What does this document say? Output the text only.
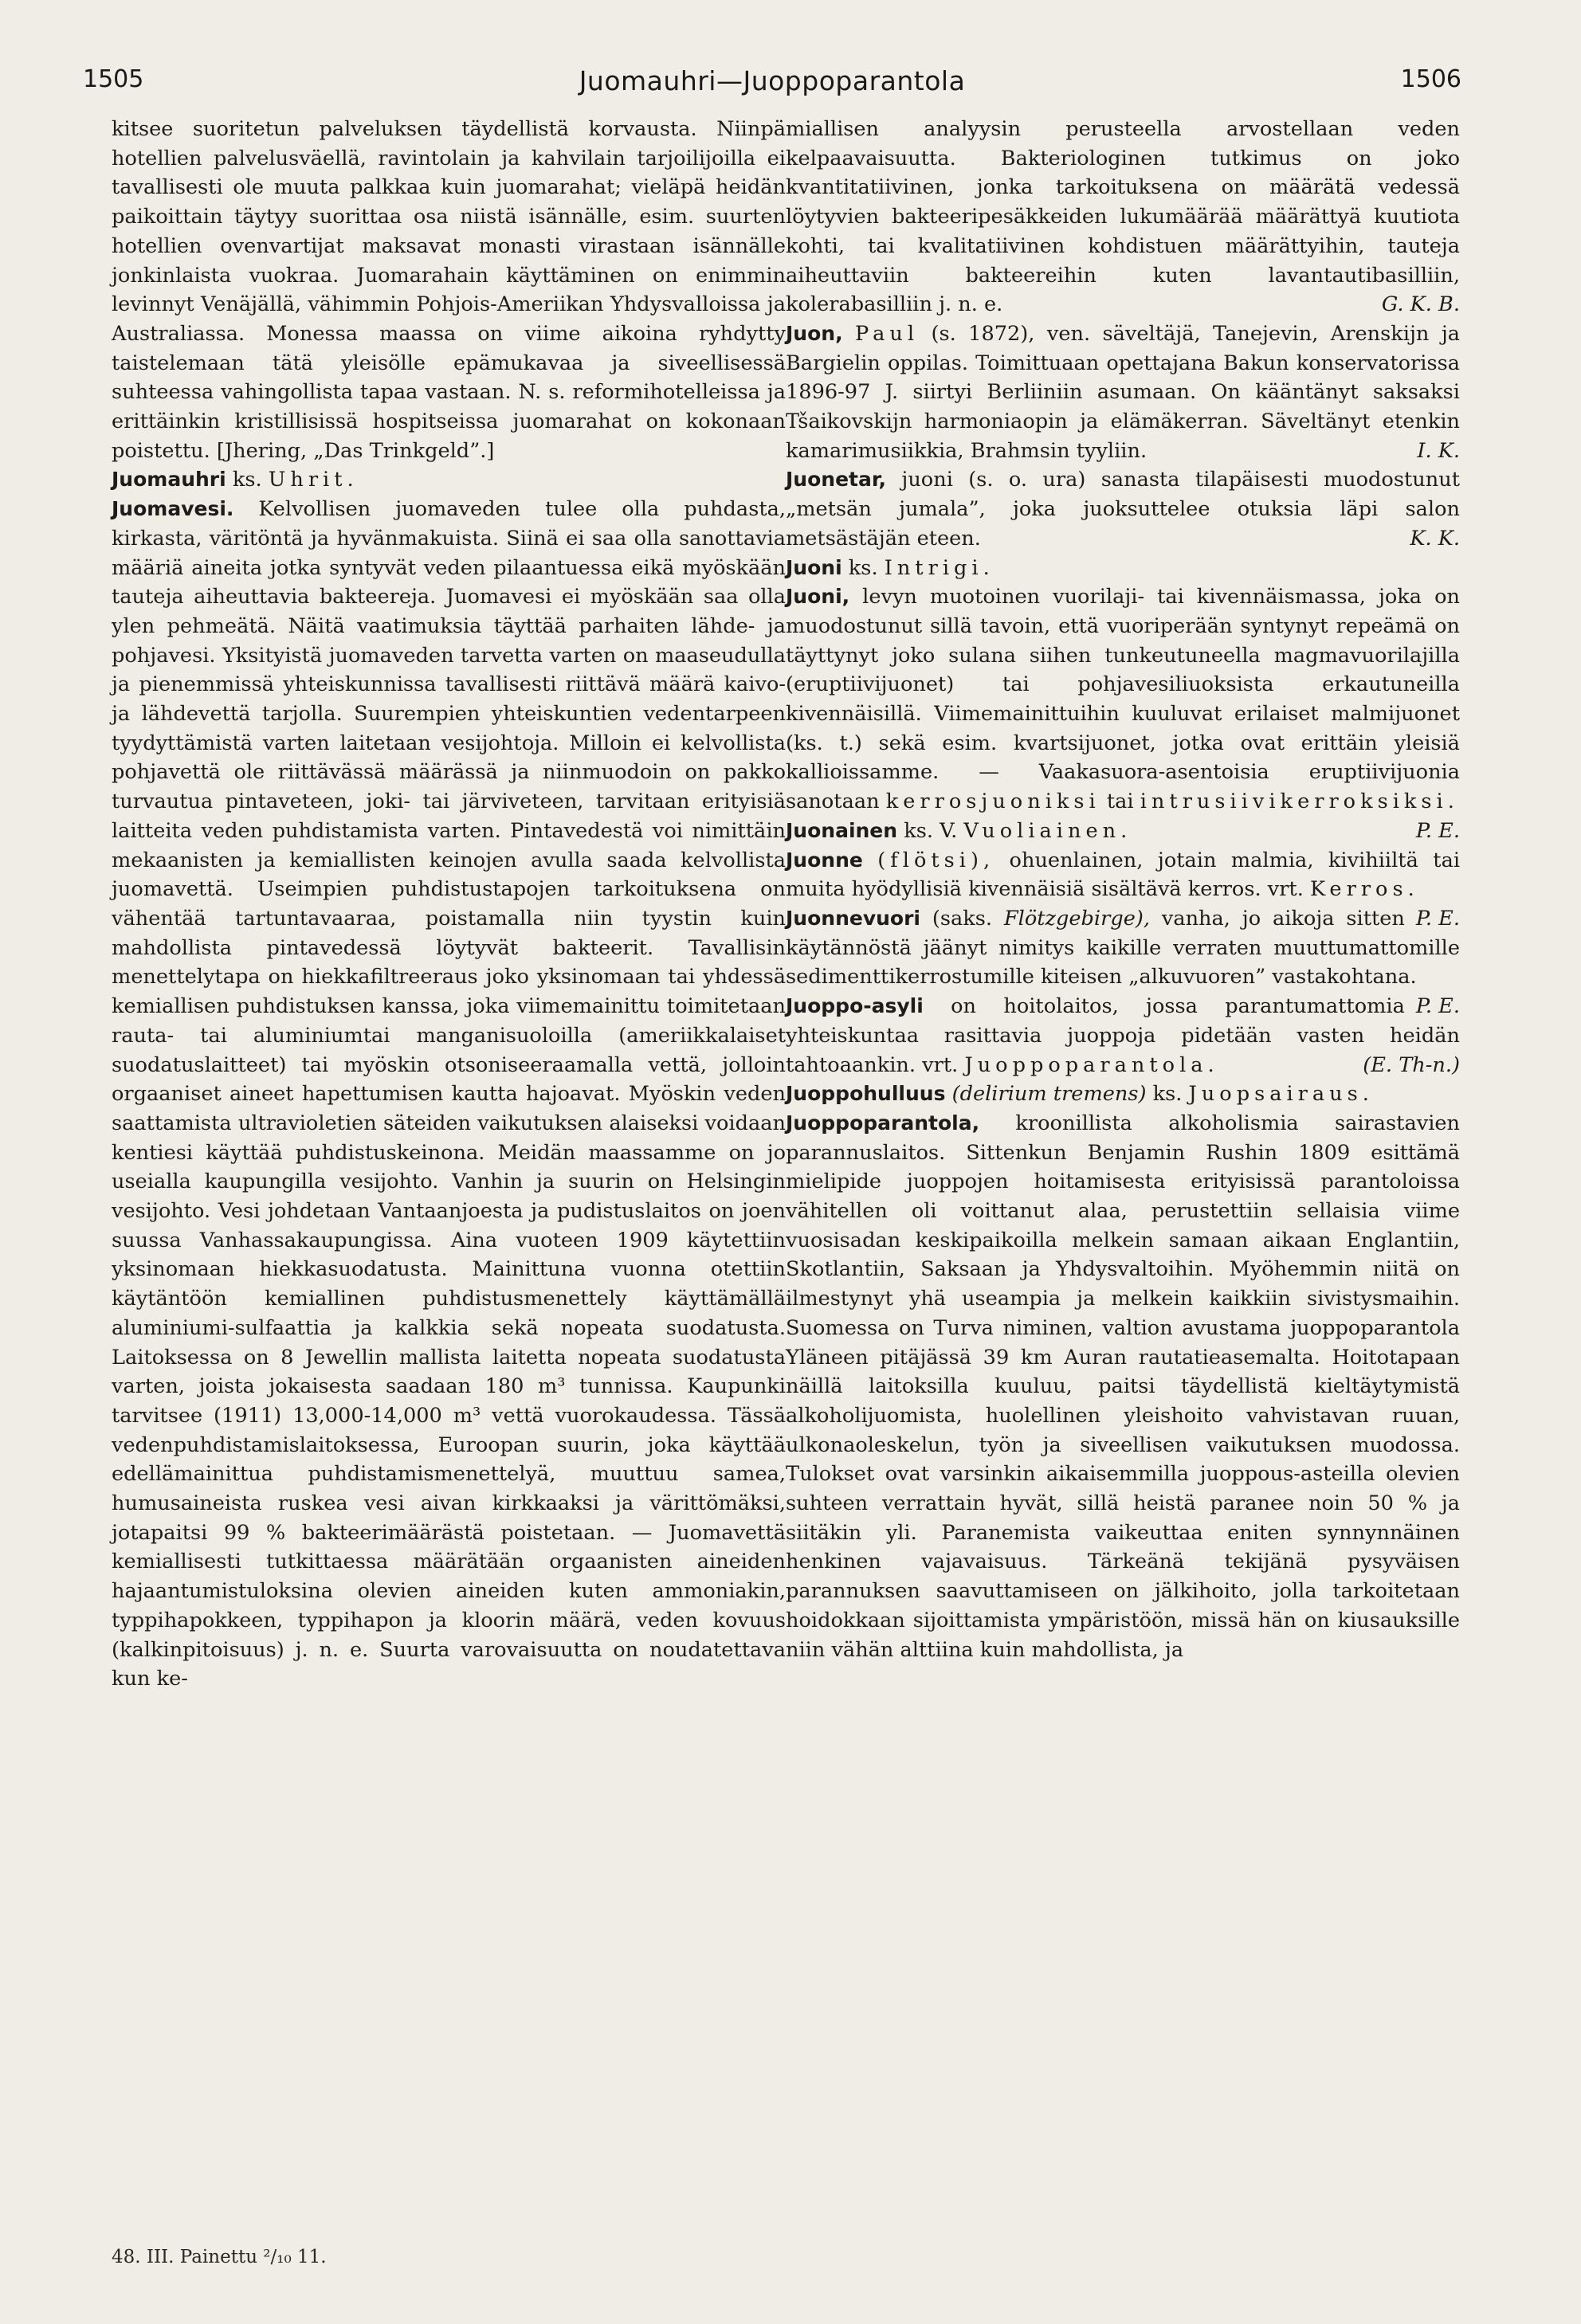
1505	Juomauhri—Juoppoparantola	1506

kitsee suoritetun palveluksen täydellistä korvausta. Niinpä hotellien palvelusväellä, ravintolain ja kahvilain tarjoilijoilla ei tavallisesti ole muuta palkkaa kuin juomarahat; vieläpä heidän paikoittain täytyy suorittaa osa niistä isännälle, esim. suurten hotellien ovenvartijat maksavat monasti virastaan isännälle jonkinlaista vuokraa. Juomarahain käyttäminen on enimmin levinnyt Venäjällä, vähimmin Pohjois-Ameriikan Yhdysvalloissa ja Australiassa. Monessa maassa on viime aikoina ryhdytty taistelemaan tätä yleisölle epämukavaa ja siveellisessä suhteessa vahingollista tapaa vastaan. N. s. reformihotelleissa ja erittäinkin kristillisissä hospitseissa juomarahat on kokonaan poistettu. [Jhering, „Das Trinkgeld”.]

Juomauhri ks. Uhrit.

Juomavesi. Kelvollisen juomaveden tulee olla puhdasta, kirkasta, väritöntä ja hyvänmakuista. Siinä ei saa olla sanottavia määriä aineita jotka syntyvät veden pilaantuessa eikä myöskään tauteja aiheuttavia bakteereja. Juomavesi ei myöskään saa olla ylen pehmeätä. Näitä vaatimuksia täyttää parhaiten lähde- ja pohjavesi. Yksityistä juomaveden tarvetta varten on maaseudulla ja pienemmissä yhteiskunnissa tavallisesti riittävä määrä kaivo- ja lähdevettä tarjolla. Suurempien yhteiskuntien vedentarpeen tyydyttämistä varten laitetaan vesijohtoja. Milloin ei kelvollista pohjavettä ole riittävässä määrässä ja niinmuodoin on pakko turvautua pintaveteen, joki- tai järviveteen, tarvitaan erityisiä laitteita veden puhdistamista varten. Pintavedestä voi nimittäin mekaanisten ja kemiallisten keinojen avulla saada kelvollista juomavettä. Useimpien puhdistustapojen tarkoituksena on vähentää tartuntavaaraa, poistamalla niin tyystin kuin mahdollista pintavedessä löytyvät bakteerit. Tavallisin menettelytapa on hiekkafiltreeraus joko yksinomaan tai yhdessä kemiallisen puhdistuksen kanssa, joka viimemainittu toimitetaan rauta- tai aluminiumtai manganisuoloilla (ameriikkalaiset suodatuslaitteet) tai myöskin otsoniseeraamalla vettä, jolloin orgaaniset aineet hapettumisen kautta hajoavat. Myöskin veden saattamista ultravioletien säteiden vaikutuksen alaiseksi voidaan kentiesi käyttää puhdistuskeinona. Meidän maassamme on jo useialla kaupungilla vesijohto. Vanhin ja suurin on Helsingin vesijohto. Vesi johdetaan Vantaanjoesta ja pudistuslaitos on joen suussa Vanhassakaupungissa. Aina vuoteen 1909 käytettiin yksinomaan hiekkasuodatusta. Mainittuna vuonna otettiin käytäntöön kemiallinen puhdistusmenettely käyttämällä aluminiumi-sulfaattia ja kalkkia sekä nopeata suodatusta. Laitoksessa on 8 Jewellin mallista laitetta nopeata suodatusta varten, joista jokaisesta saadaan 180 m³ tunnissa. Kaupunki tarvitsee (1911) 13,000-14,000 m³ vettä vuorokaudessa. Tässä vedenpuhdistamislaitoksessa, Euroopan suurin, joka käyttää edellämainittua puhdistamismenettelyä, muuttuu samea, humusaineista ruskea vesi aivan kirkkaaksi ja värittömäksi, jotapaitsi 99 % bakteerimäärästä poistetaan. — Juomavettä kemiallisesti tutkittaessa määrätään orgaanisten aineiden hajaantumistuloksina olevien aineiden kuten ammoniakin, typpihapokkeen, typpihapon ja kloorin määrä, veden kovuus (kalkinpitoisuus) j. n. e. Suurta varovaisuutta on noudatettava kun ke-

miallisen analyysin perusteella arvostellaan veden kelpaavaisuutta. Bakteriologinen tutkimus on joko kvantitatiivinen, jonka tarkoituksena on määrätä vedessä löytyvien bakteeripesäkkeiden lukumäärää määrättyä kuutiota kohti, tai kvalitatiivinen kohdistuen määrättyihin, tauteja aiheuttaviin bakteereihin kuten lavantautibasilliin, kolerabasilliin j. n. e.	G. K. B.

Juon, Paul (s. 1872), ven. säveltäjä, Tanejevin, Arenskijn ja Bargielin oppilas. Toimittuaan opettajana Bakun konservatorissa 1896-97 J. siirtyi Berliiniin asumaan. On kääntänyt saksaksi Tšaikovskijn harmoniaopin ja elämäkerran. Säveltänyt etenkin kamarimusiikkia, Brahmsin tyyliin.	I. K.

Juonetar, juoni (s. o. ura) sanasta tilapäisesti muodostunut „metsän jumala”, joka juoksuttelee otuksia läpi salon metsästäjän eteen.	K. K.

Juoni ks. Intrigi.

Juoni, levyn muotoinen vuorilaji- tai kivennäismassa, joka on muodostunut sillä tavoin, että vuoriperään syntynyt repeämä on täyttynyt joko sulana siihen tunkeutuneella magmavuorilajilla (eruptiivijuonet) tai pohjavesiliuoksista erkautuneilla kivennäisillä. Viimemainittuihin kuuluvat erilaiset malmijuonet (ks. t.) sekä esim. kvartsijuonet, jotka ovat erittäin yleisiä kallioissamme. — Vaakasuora-asentoisia eruptiivijuonia sanotaan kerrosjuoniksi tai intrusiivikerroksiksi.
P. E.

Juonainen ks. V. Vuoliainen.

Juonne (flötsi), ohuenlainen, jotain malmia, kivihiiltä tai muita hyödyllisiä kivennäisiä sisältävä kerros. vrt. Kerros.
P. E.

Juonnevuori (saks. Flötzgebirge), vanha, jo aikoja sitten käytännöstä jäänyt nimitys kaikille verraten muuttumattomille sedimenttikerrostumille kiteisen „alkuvuoren” vastakohtana.
P. E.

Juoppo-asyli on hoitolaitos, jossa parantumattomia yhteiskuntaa rasittavia juoppoja pidetään vasten heidän tahtoaankin. vrt. Juoppoparantola.	(E. Th-n.)

Juoppohulluus (delirium tremens) ks. Juopsairaus.

Juoppoparantola, kroonillista alkoholismia sairastavien parannuslaitos. Sittenkun Benjamin Rushin 1809 esittämä mielipide juoppojen hoitamisesta erityisissä parantoloissa vähitellen oli voittanut alaa, perustettiin sellaisia viime vuosisadan keskipaikoilla melkein samaan aikaan Englantiin, Skotlantiin, Saksaan ja Yhdysvaltoihin. Myöhemmin niitä on ilmestynyt yhä useampia ja melkein kaikkiin sivistysmaihin. Suomessa on Turva niminen, valtion avustama juoppoparantola Yläneen pitäjässä 39 km Auran rautatieasemalta. Hoitotapaan näillä laitoksilla kuuluu, paitsi täydellistä kieltäytymistä alkoholijuomista, huolellinen yleishoito vahvistavan ruuan, ulkonaoleskelun, työn ja siveellisen vaikutuksen muodossa. Tulokset ovat varsinkin aikaisemmilla juoppous-asteilla olevien suhteen verrattain hyvät, sillä heistä paranee noin 50 % ja siitäkin yli. Paranemista vaikeuttaa eniten synnynnäinen henkinen vajavaisuus. Tärkeänä tekijänä pysyväisen parannuksen saavuttamiseen on jälkihoito, jolla tarkoitetaan hoidokkaan sijoittamista ympäristöön, missä hän on kiusauksille niin vähän alttiina kuin mahdollista, ja

48. III. Painettu ²/₁₀ 11.
